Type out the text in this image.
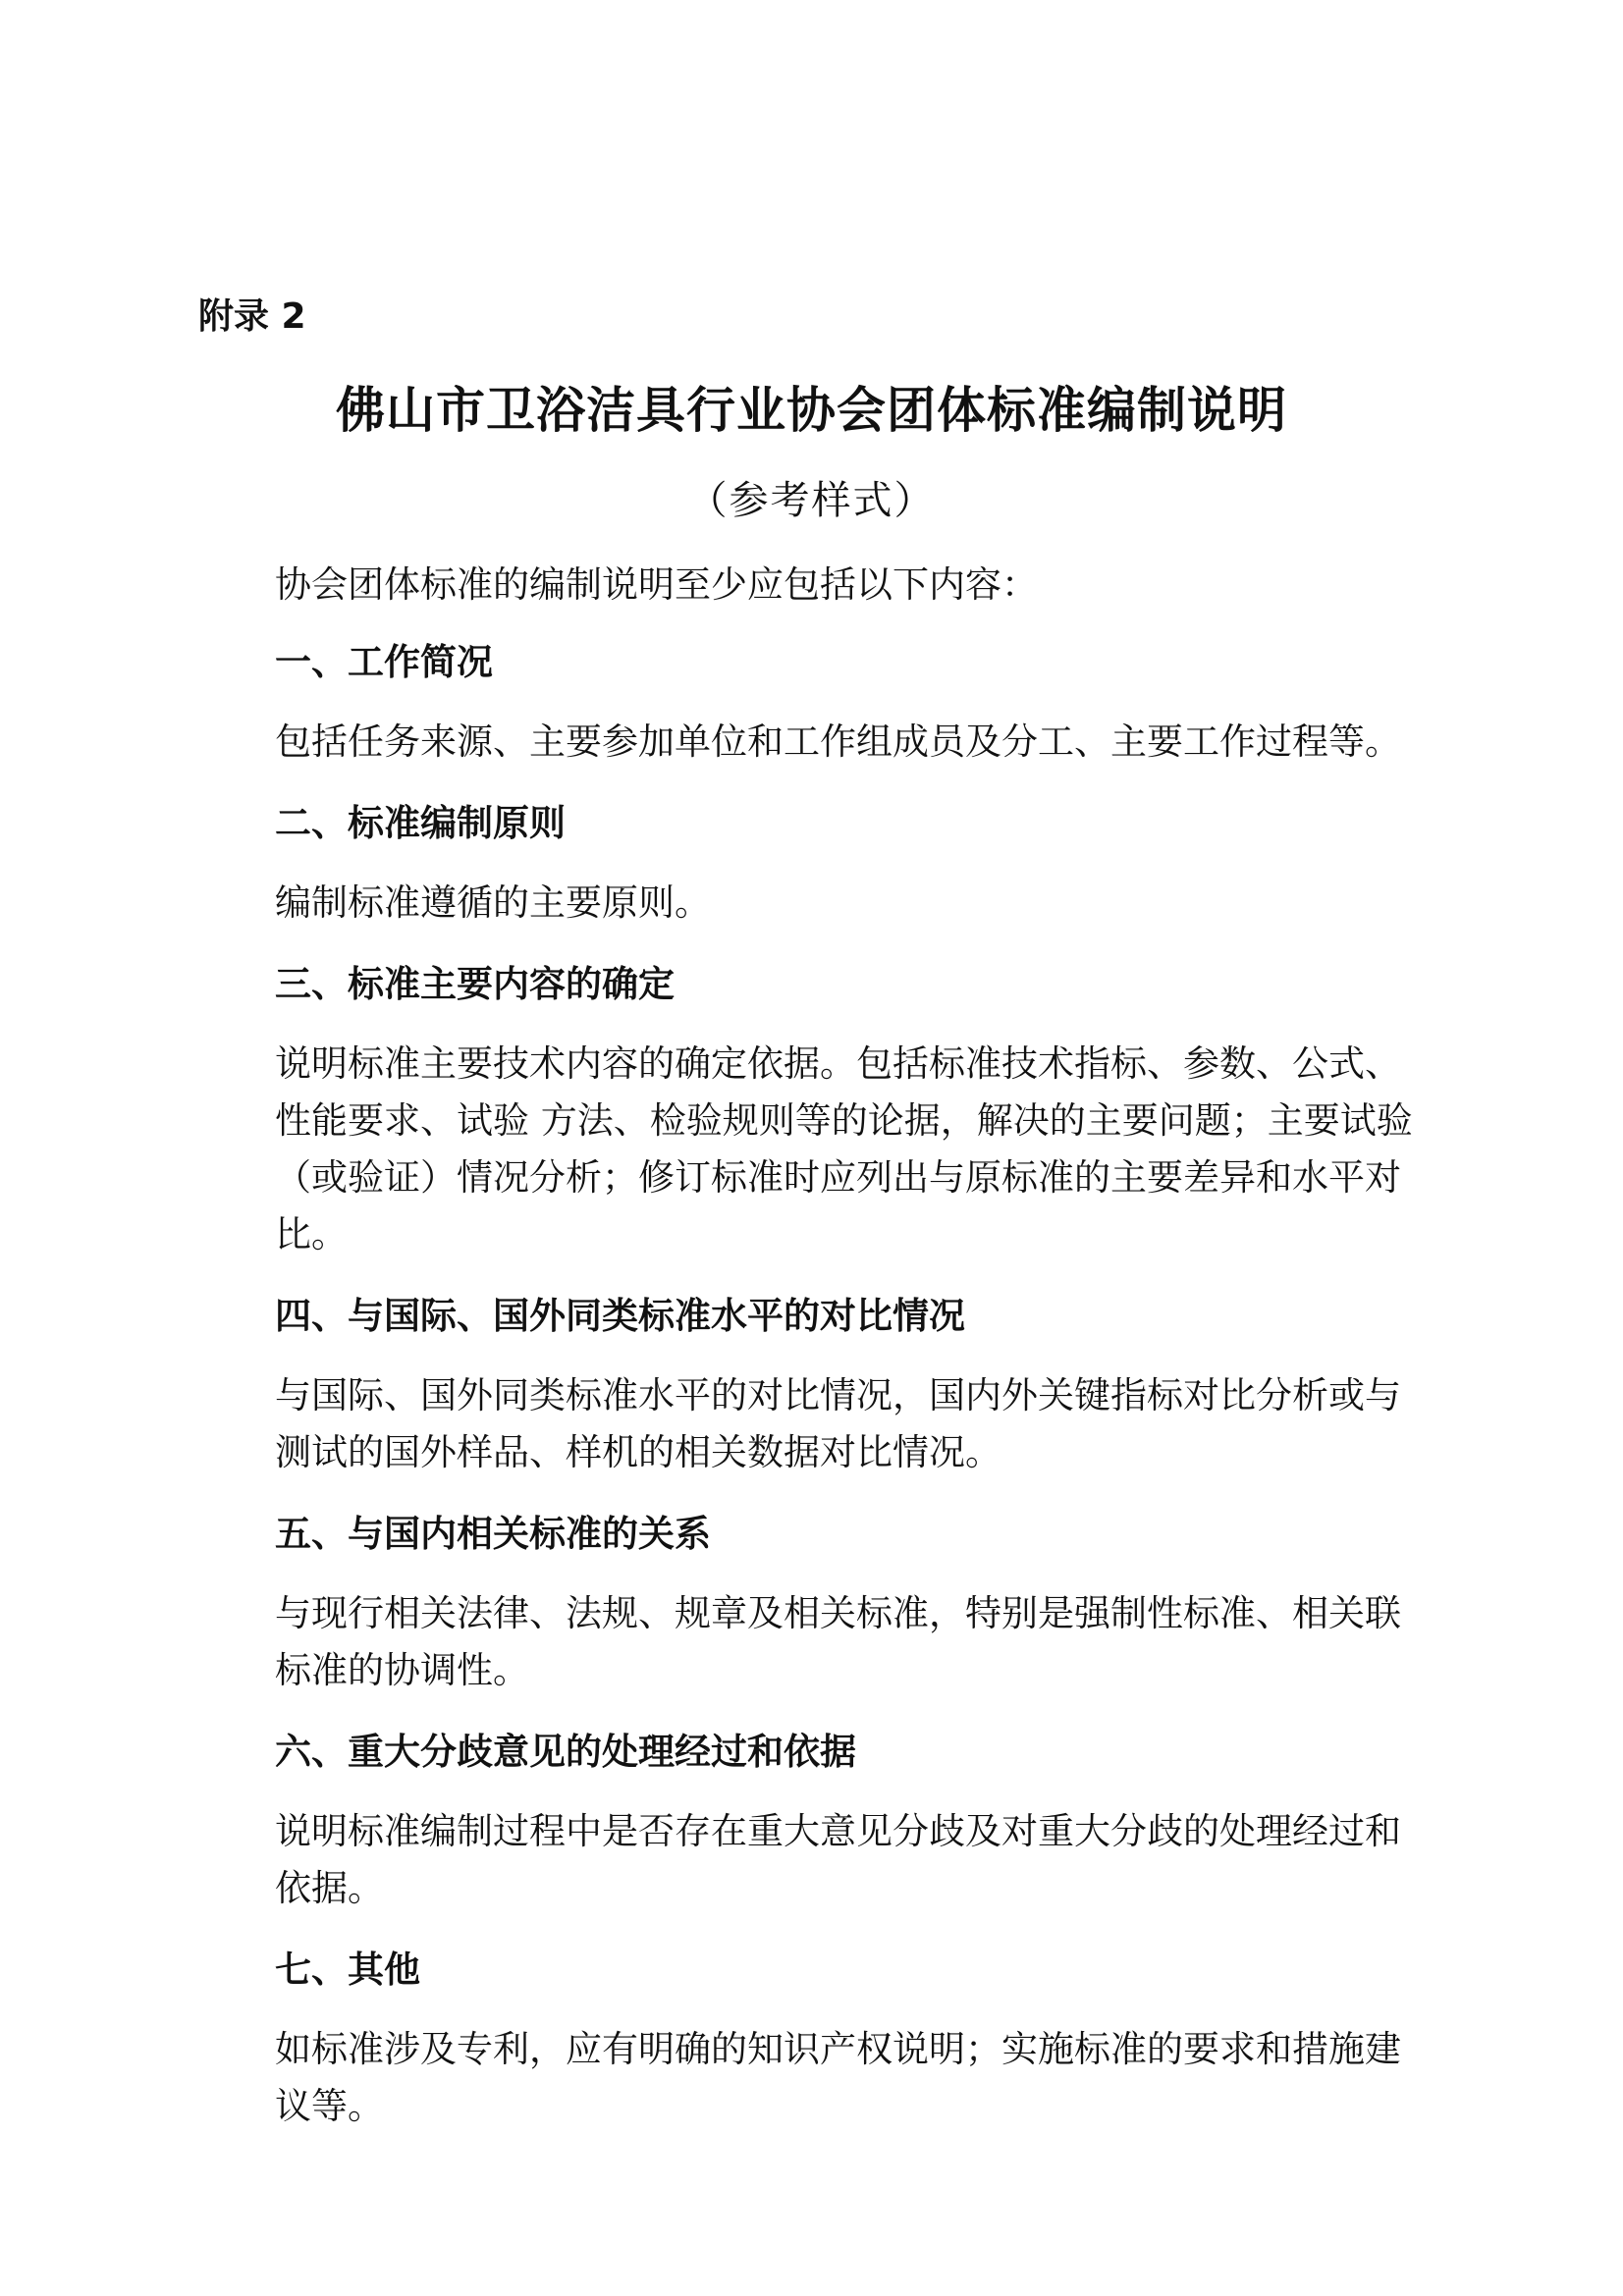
附录 2
佛山市卫浴洁具行业协会团体标准编制说明
（参考样式）

协会团体标准的编制说明至少应包括以下内容：

一、工作简况

包括任务来源、主要参加单位和工作组成员及分工、主要工作过程等。

二、标准编制原则

编制标准遵循的主要原则。

三、标准主要内容的确定

说明标准主要技术内容的确定依据。包括标准技术指标、参数、公式、性能要求、试验 方法、检验规则等的论据，解决的主要问题；主要试验（或验证）情况分析；修订标准时应列出与原标准的主要差异和水平对比。

四、与国际、国外同类标准水平的对比情况

与国际、国外同类标准水平的对比情况，国内外关键指标对比分析或与测试的国外样品、样机的相关数据对比情况。

五、与国内相关标准的关系

与现行相关法律、法规、规章及相关标准，特别是强制性标准、相关联标准的协调性。

六、重大分歧意见的处理经过和依据

说明标准编制过程中是否存在重大意见分歧及对重大分歧的处理经过和依据。

七、其他

如标准涉及专利，应有明确的知识产权说明；实施标准的要求和措施建议等。
